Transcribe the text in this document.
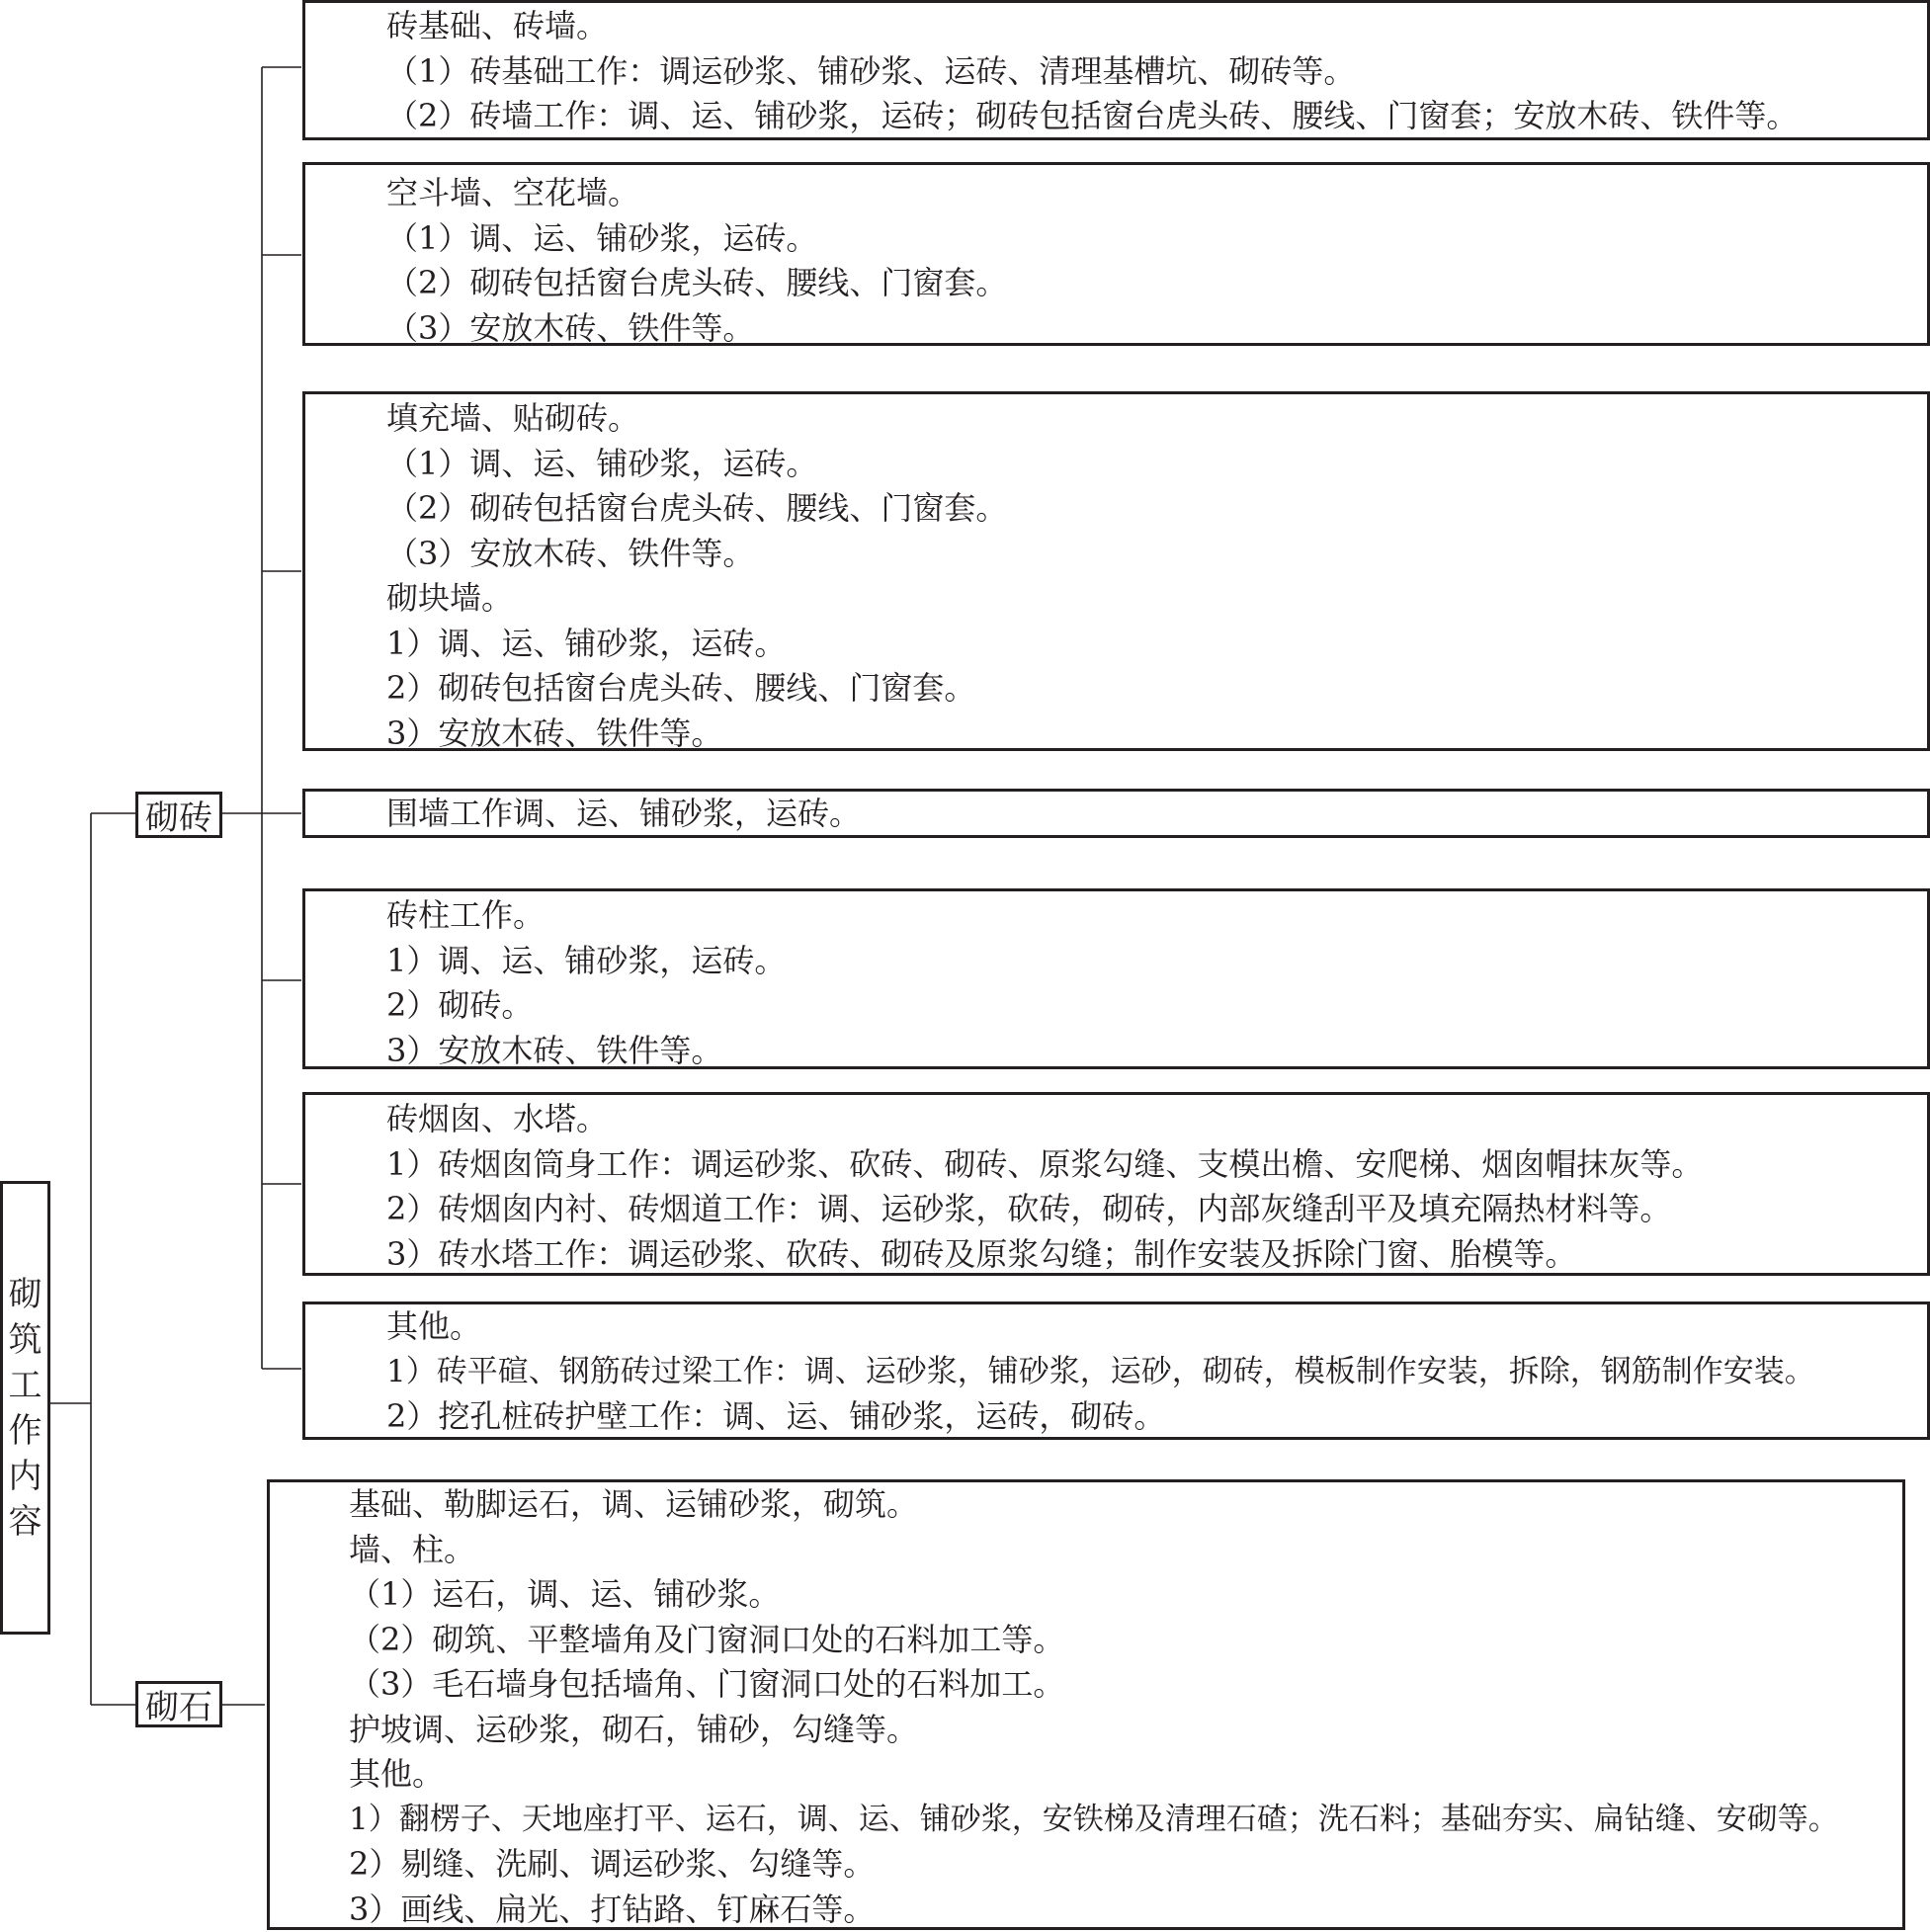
砌
筑
工
作
内
容
砌砖
砌石
砖基础、砖墙。
（1）砖基础工作：调运砂浆、铺砂浆、运砖、清理基槽坑、砌砖等。
（2）砖墙工作：调、运、铺砂浆，运砖；砌砖包括窗台虎头砖、腰线、门窗套；安放木砖、铁件等。
空斗墙、空花墙。
（1）调、运、铺砂浆，运砖。
（2）砌砖包括窗台虎头砖、腰线、门窗套。
（3）安放木砖、铁件等。
填充墙、贴砌砖。
（1）调、运、铺砂浆，运砖。
（2）砌砖包括窗台虎头砖、腰线、门窗套。
（3）安放木砖、铁件等。
砌块墙。
1）调、运、铺砂浆，运砖。
2）砌砖包括窗台虎头砖、腰线、门窗套。
3）安放木砖、铁件等。
围墙工作调、运、铺砂浆，运砖。
砖柱工作。
1）调、运、铺砂浆，运砖。
2）砌砖。
3）安放木砖、铁件等。
砖烟囱、水塔。
1）砖烟囱筒身工作：调运砂浆、砍砖、砌砖、原浆勾缝、支模出檐、安爬梯、烟囱帽抹灰等。
2）砖烟囱内衬、砖烟道工作：调、运砂浆，砍砖，砌砖，内部灰缝刮平及填充隔热材料等。
3）砖水塔工作：调运砂浆、砍砖、砌砖及原浆勾缝；制作安装及拆除门窗、胎模等。
其他。
1）砖平碹、钢筋砖过梁工作：调、运砂浆，铺砂浆，运砂，砌砖，模板制作安装，拆除，钢筋制作安装。
2）挖孔桩砖护壁工作：调、运、铺砂浆，运砖，砌砖。
基础、勒脚运石，调、运铺砂浆，砌筑。
墙、柱。
（1）运石，调、运、铺砂浆。
（2）砌筑、平整墙角及门窗洞口处的石料加工等。
（3）毛石墙身包括墙角、门窗洞口处的石料加工。
护坡调、运砂浆，砌石，铺砂，勾缝等。
其他。
1）翻楞子、天地座打平、运石，调、运、铺砂浆，安铁梯及清理石碴；洗石料；基础夯实、扁钻缝、安砌等。
2）剔缝、洗刷、调运砂浆、勾缝等。
3）画线、扁光、打钻路、钉麻石等。
